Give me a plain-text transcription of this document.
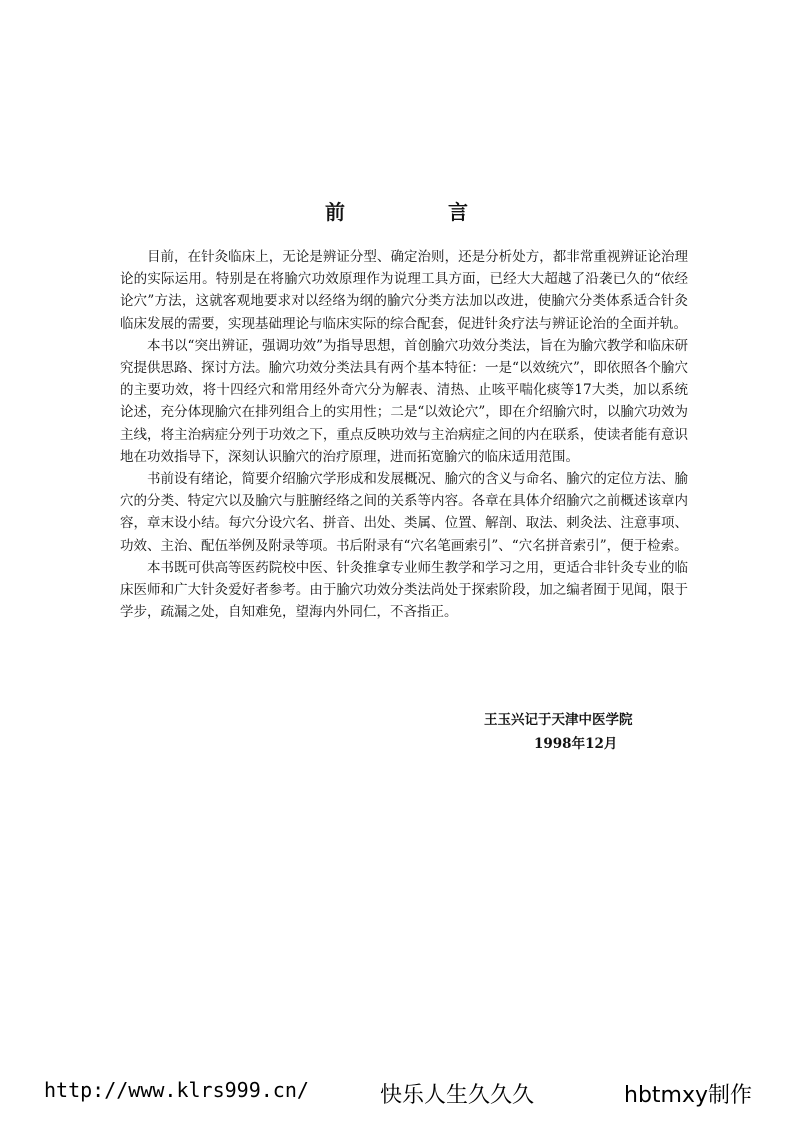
前 言

目前，在针灸临床上，无论是辨证分型、确定治则，还是分析处方，都非常重视辨证论治理论的实际运用。特别是在将腧穴功效原理作为说理工具方面，已经大大超越了沿袭已久的“依经论穴”方法，这就客观地要求对以经络为纲的腧穴分类方法加以改进，使腧穴分类体系适合针灸临床发展的需要，实现基础理论与临床实际的综合配套，促进针灸疗法与辨证论治的全面并轨。

本书以“突出辨证，强调功效”为指导思想，首创腧穴功效分类法，旨在为腧穴教学和临床研究提供思路、探讨方法。腧穴功效分类法具有两个基本特征：一是“以效统穴”，即依照各个腧穴的主要功效，将十四经穴和常用经外奇穴分为解表、清热、止咳平喘化痰等17大类，加以系统论述，充分体现腧穴在排列组合上的实用性；二是“以效论穴”，即在介绍腧穴时，以腧穴功效为主线，将主治病症分列于功效之下，重点反映功效与主治病症之间的内在联系，使读者能有意识地在功效指导下，深刻认识腧穴的治疗原理，进而拓宽腧穴的临床适用范围。

书前设有绪论，简要介绍腧穴学形成和发展概况、腧穴的含义与命名、腧穴的定位方法、腧穴的分类、特定穴以及腧穴与脏腑经络之间的关系等内容。各章在具体介绍腧穴之前概述该章内容，章末设小结。每穴分设穴名、拼音、出处、类属、位置、解剖、取法、刺灸法、注意事项、功效、主治、配伍举例及附录等项。书后附录有“穴名笔画索引”、“穴名拼音索引”，便于检索。

本书既可供高等医药院校中医、针灸推拿专业师生教学和学习之用，更适合非针灸专业的临床医师和广大针灸爱好者参考。由于腧穴功效分类法尚处于探索阶段，加之编者囿于见闻，限于学步，疏漏之处，自知难免，望海内外同仁，不吝指正。

王玉兴记于天津中医学院
1998年12月
http://www.klrs999.cn/	快乐人生久久久	hbtmxy制作
